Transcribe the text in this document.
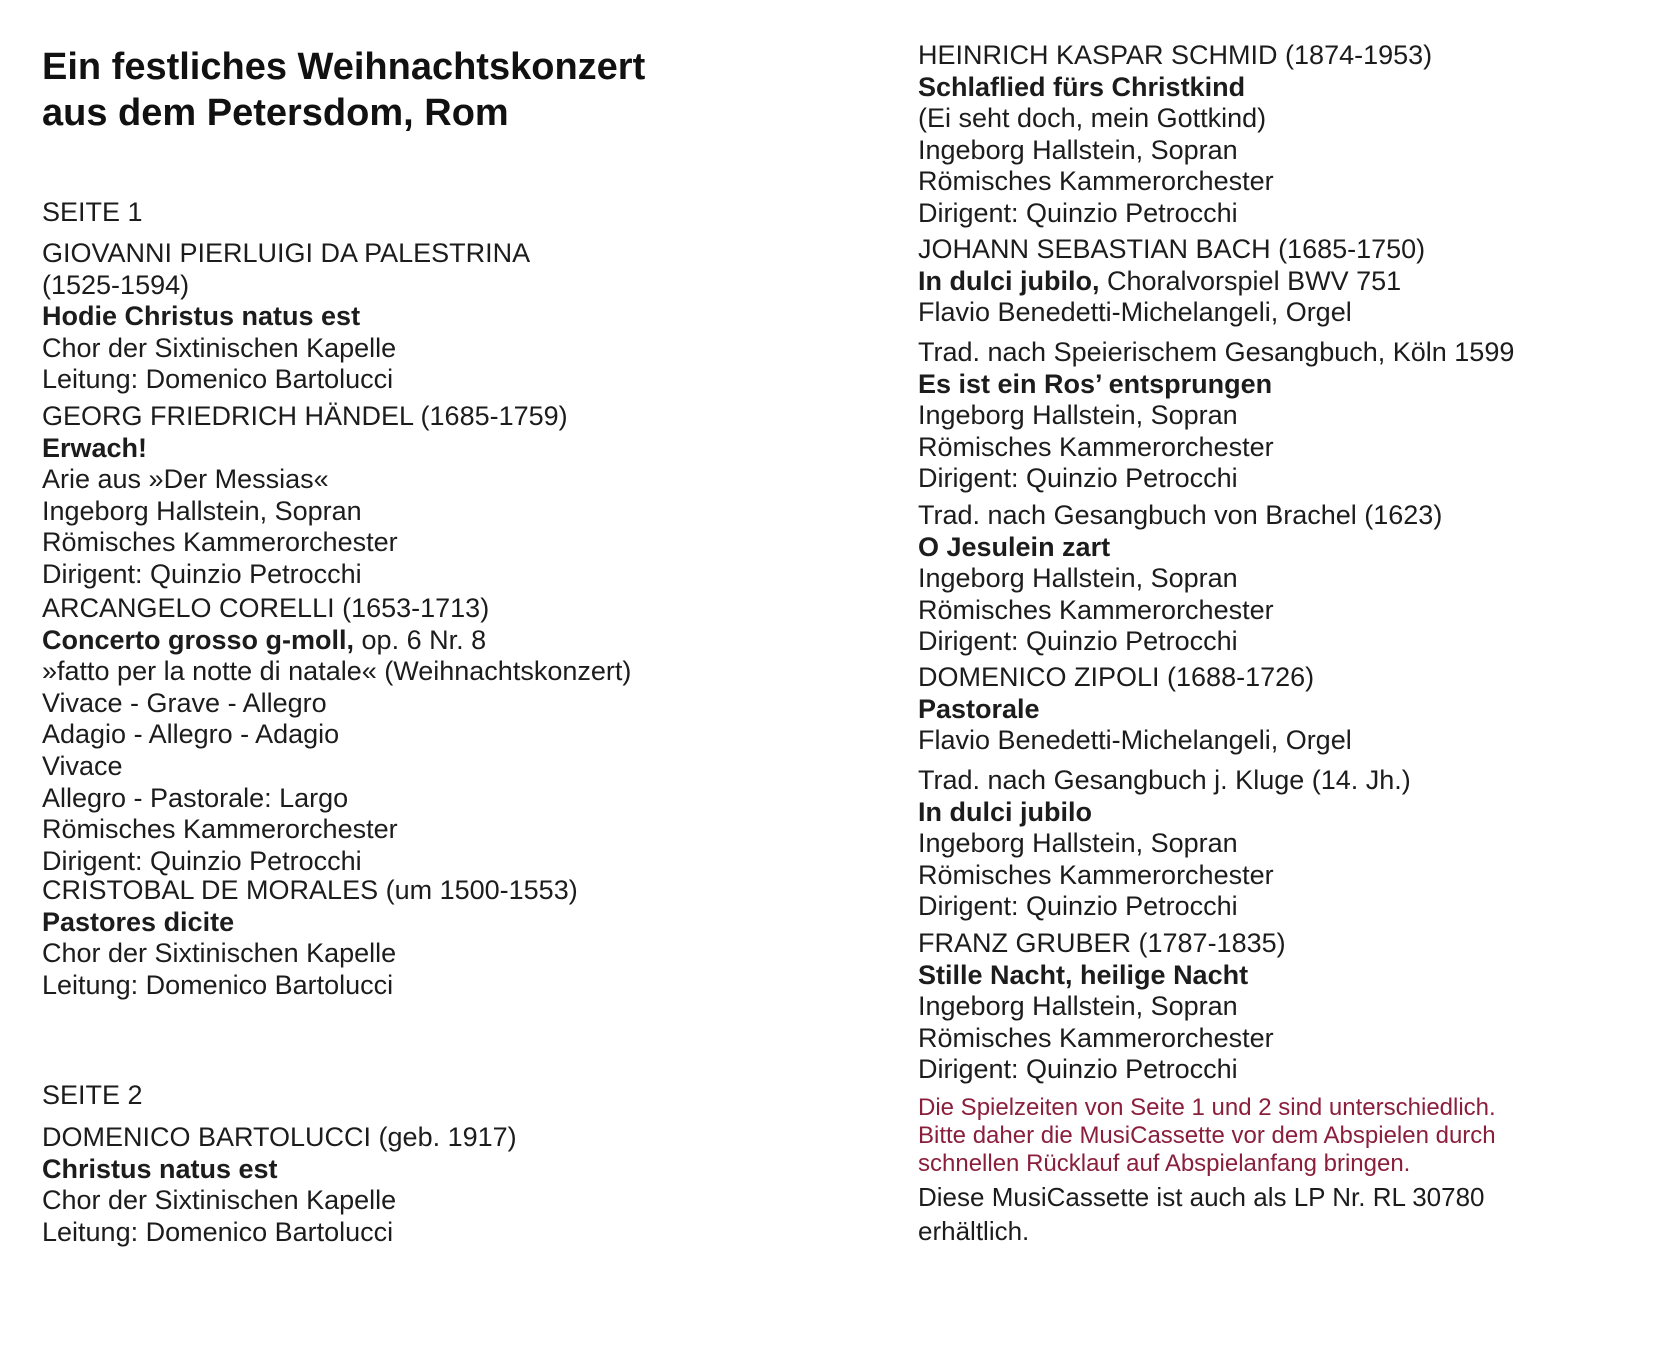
Ein festliches Weihnachtskonzert
aus dem Petersdom, Rom
SEITE 1
GIOVANNI PIERLUIGI DA PALESTRINA
(1525-1594)
Hodie Christus natus est
Chor der Sixtinischen Kapelle
Leitung: Domenico Bartolucci
GEORG FRIEDRICH HÄNDEL (1685-1759)
Erwach!
Arie aus »Der Messias«
Ingeborg Hallstein, Sopran
Römisches Kammerorchester
Dirigent: Quinzio Petrocchi
ARCANGELO CORELLI (1653-1713)
Concerto grosso g-moll, op. 6 Nr. 8
»fatto per la notte di natale« (Weihnachtskonzert)
Vivace - Grave - Allegro
Adagio - Allegro - Adagio
Vivace
Allegro - Pastorale: Largo
Römisches Kammerorchester
Dirigent: Quinzio Petrocchi
CRISTOBAL DE MORALES (um 1500-1553)
Pastores dicite
Chor der Sixtinischen Kapelle
Leitung: Domenico Bartolucci
SEITE 2
DOMENICO BARTOLUCCI (geb. 1917)
Christus natus est
Chor der Sixtinischen Kapelle
Leitung: Domenico Bartolucci
HEINRICH KASPAR SCHMID (1874-1953)
Schlaflied fürs Christkind
(Ei seht doch, mein Gottkind)
Ingeborg Hallstein, Sopran
Römisches Kammerorchester
Dirigent: Quinzio Petrocchi
JOHANN SEBASTIAN BACH (1685-1750)
In dulci jubilo, Choralvorspiel BWV 751
Flavio Benedetti-Michelangeli, Orgel
Trad. nach Speierischem Gesangbuch, Köln 1599
Es ist ein Ros’ entsprungen
Ingeborg Hallstein, Sopran
Römisches Kammerorchester
Dirigent: Quinzio Petrocchi
Trad. nach Gesangbuch von Brachel (1623)
O Jesulein zart
Ingeborg Hallstein, Sopran
Römisches Kammerorchester
Dirigent: Quinzio Petrocchi
DOMENICO ZIPOLI (1688-1726)
Pastorale
Flavio Benedetti-Michelangeli, Orgel
Trad. nach Gesangbuch j. Kluge (14. Jh.)
In dulci jubilo
Ingeborg Hallstein, Sopran
Römisches Kammerorchester
Dirigent: Quinzio Petrocchi
FRANZ GRUBER (1787-1835)
Stille Nacht, heilige Nacht
Ingeborg Hallstein, Sopran
Römisches Kammerorchester
Dirigent: Quinzio Petrocchi
Die Spielzeiten von Seite 1 und 2 sind unterschiedlich.
Bitte daher die MusiCassette vor dem Abspielen durch
schnellen Rücklauf auf Abspielanfang bringen.
Diese MusiCassette ist auch als LP Nr. RL 30780
erhältlich.
